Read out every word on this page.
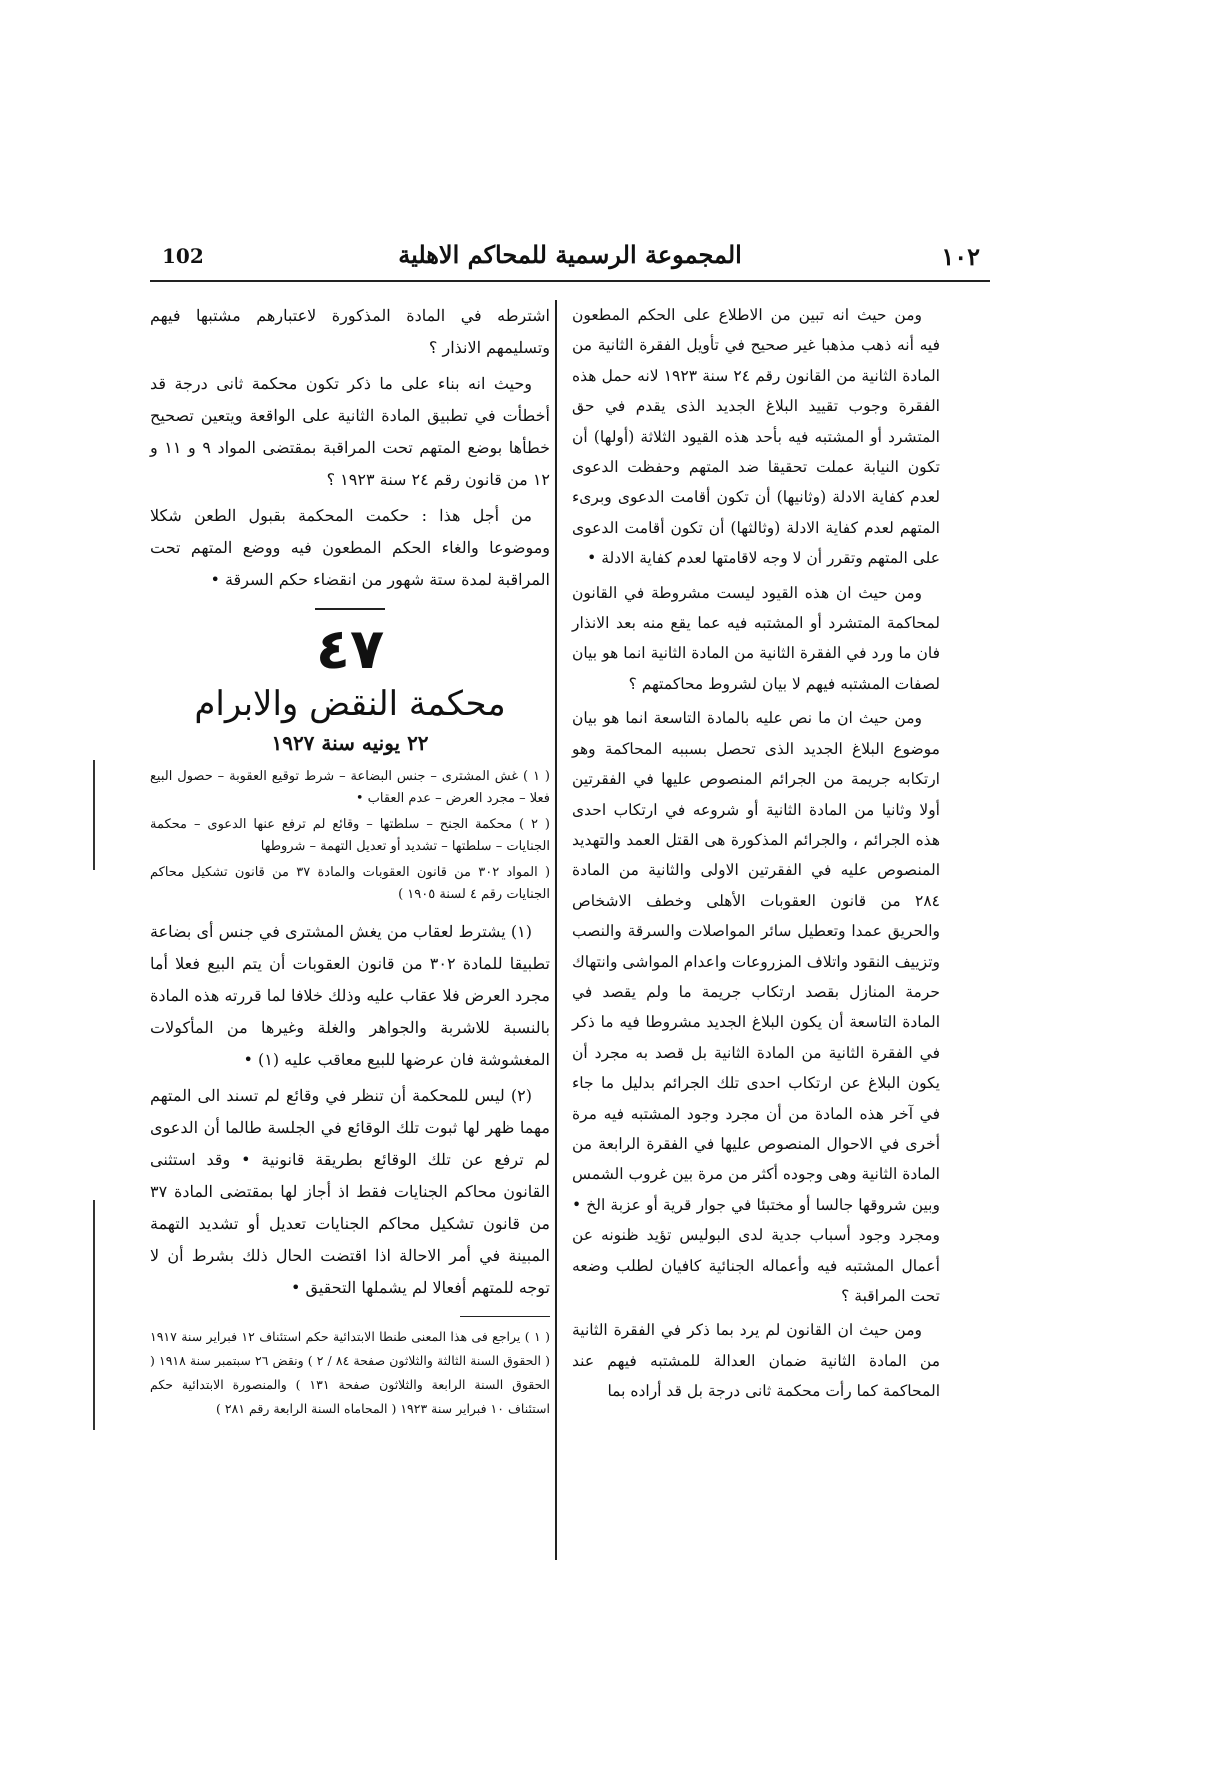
102	المجموعة الرسمية للمحاكم الاهلية	١٠٢

ومن حيث انه تبين من الاطلاع على الحكم المطعون فيه أنه ذهب مذهبا غير صحيح في تأويل الفقرة الثانية من المادة الثانية من القانون رقم ٢٤ سنة ١٩٢٣ لانه حمل هذه الفقرة وجوب تقييد البلاغ الجديد الذى يقدم في حق المتشرد أو المشتبه فيه بأحد هذه القيود الثلاثة (أولها) أن تكون النيابة عملت تحقيقا ضد المتهم وحفظت الدعوى لعدم كفاية الادلة (وثانيها) أن تكون أقامت الدعوى وبرىء المتهم لعدم كفاية الادلة (وثالثها) أن تكون أقامت الدعوى على المتهم وتقرر أن لا وجه لاقامتها لعدم كفاية الادلة •

ومن حيث ان هذه القيود ليست مشروطة في القانون لمحاكمة المتشرد أو المشتبه فيه عما يقع منه بعد الانذار فان ما ورد في الفقرة الثانية من المادة الثانية انما هو بيان لصفات المشتبه فيهم لا بيان لشروط محاكمتهم ؟

ومن حيث ان ما نص عليه بالمادة التاسعة انما هو بيان موضوع البلاغ الجديد الذى تحصل بسببه المحاكمة وهو ارتكابه جريمة من الجرائم المنصوص عليها في الفقرتين أولا وثانيا من المادة الثانية أو شروعه في ارتكاب احدى هذه الجرائم ، والجرائم المذكورة هى القتل العمد والتهديد المنصوص عليه في الفقرتين الاولى والثانية من المادة ٢٨٤ من قانون العقوبات الأهلى وخطف الاشخاص والحريق عمدا وتعطيل سائر المواصلات والسرقة والنصب وتزييف النقود واتلاف المزروعات واعدام المواشى وانتهاك حرمة المنازل بقصد ارتكاب جريمة ما ولم يقصد في المادة التاسعة أن يكون البلاغ الجديد مشروطا فيه ما ذكر في الفقرة الثانية من المادة الثانية بل قصد به مجرد أن يكون البلاغ عن ارتكاب احدى تلك الجرائم بدليل ما جاء في آخر هذه المادة من أن مجرد وجود المشتبه فيه مرة أخرى في الاحوال المنصوص عليها في الفقرة الرابعة من المادة الثانية وهى وجوده أكثر من مرة بين غروب الشمس وبين شروقها جالسا أو مختبئا في جوار قرية أو عزبة الخ • ومجرد وجود أسباب جدية لدى البوليس تؤيد ظنونه عن أعمال المشتبه فيه وأعماله الجنائية كافيان لطلب وضعه تحت المراقبة ؟

ومن حيث ان القانون لم يرد بما ذكر في الفقرة الثانية من المادة الثانية ضمان العدالة للمشتبه فيهم عند المحاكمة كما رأت محكمة ثانى درجة بل قد أراده بما

اشترطه في المادة المذكورة لاعتبارهم مشتبها فيهم وتسليمهم الانذار ؟

وحيث انه بناء على ما ذكر تكون محكمة ثانى درجة قد أخطأت في تطبيق المادة الثانية على الواقعة ويتعين تصحيح خطأها بوضع المتهم تحت المراقبة بمقتضى المواد ٩ و ١١ و ١٢ من قانون رقم ٢٤ سنة ١٩٢٣ ؟

من أجل هذا : حكمت المحكمة بقبول الطعن شكلا وموضوعا والغاء الحكم المطعون فيه ووضع المتهم تحت المراقبة لمدة ستة شهور من انقضاء حكم السرقة •

٤٧
محكمة النقض والابرام
٢٢ يونيه سنة ١٩٢٧

( ١ ) غش المشترى – جنس البضاعة – شرط توقيع العقوبة – حصول البيع فعلا – مجرد العرض – عدم العقاب •

( ٢ ) محكمة الجنح – سلطتها – وقائع لم ترفع عنها الدعوى – محكمة الجنايات – سلطتها – تشديد أو تعديل التهمة – شروطها

( المواد ٣٠٢ من قانون العقوبات والمادة ٣٧ من قانون تشكيل محاكم الجنايات رقم ٤ لسنة ١٩٠٥ )

(١) يشترط لعقاب من يغش المشترى في جنس أى بضاعة تطبيقا للمادة ٣٠٢ من قانون العقوبات أن يتم البيع فعلا أما مجرد العرض فلا عقاب عليه وذلك خلافا لما قررته هذه المادة بالنسبة للاشربة والجواهر والغلة وغيرها من المأكولات المغشوشة فان عرضها للبيع معاقب عليه (١) •

(٢) ليس للمحكمة أن تنظر في وقائع لم تسند الى المتهم مهما ظهر لها ثبوت تلك الوقائع في الجلسة طالما أن الدعوى لم ترفع عن تلك الوقائع بطريقة قانونية • وقد استثنى القانون محاكم الجنايات فقط اذ أجاز لها بمقتضى المادة ٣٧ من قانون تشكيل محاكم الجنايات تعديل أو تشديد التهمة المبينة في أمر الاحالة اذا اقتضت الحال ذلك بشرط أن لا توجه للمتهم أفعالا لم يشملها التحقيق •

( ١ ) يراجع فى هذا المعنى طنطا الابتدائية حكم استئناف ١٢ فبراير سنة ١٩١٧ ( الحقوق السنة الثالثة والثلاثون صفحة ٨٤ / ٢ ) ونقض ٢٦ سبتمبر سنة ١٩١٨ ( الحقوق السنة الرابعة والثلاثون صفحة ١٣١ ) والمنصورة الابتدائية حكم استئناف ١٠ فبراير سنة ١٩٢٣ ( المحاماه السنة الرابعة رقم ٢٨١ )
